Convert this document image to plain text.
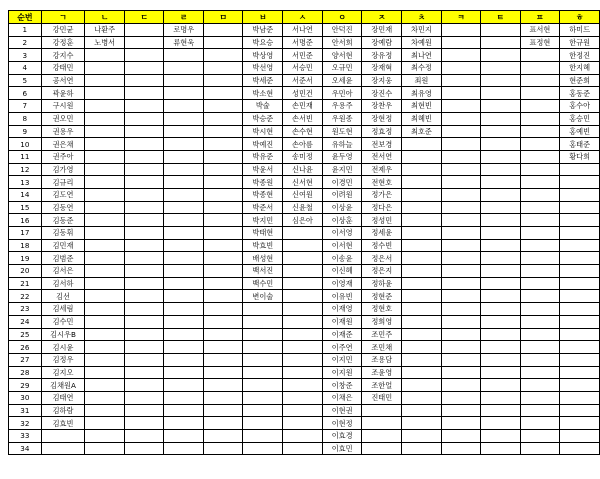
순번	ㄱ	ㄴ	ㄷ	ㄹ	ㅁ	ㅂ	ㅅ	ㅇ	ㅈ	ㅊ	ㅋ	ㅌ	ㅍ	ㅎ
1	강민균	나환주		로명우		박남준	서나연	안덕진	장민재	차민지			표서현	하미드
2	강정훈	노병서		류현욱		박요승	서명준	안서희	장예람	차예원			표정현	한규원
3	강지수					박상영	서민준	양서현	장유정	최나연				한정진
4	강태민					박선영	서승민	오규민	장재혁	최수정				한지혜
5	공서연					박세준	서준서	오세윤	장지웅	죄원				현준희
6	곽윤하					박소현	성민건	우민아	장진수	최유영				홍동준
7	구시원					박술	손민재	우용주	장찬우	최현빈				홍수아
8	권오민					박승준	손서빈	우원종	장현정	최혜빈				홍승민
9	권용우					박시현	손수현	원도현	정효정	최호준				홍예빈
10	권은채					박예진	손아름	유하늘	전보경					홍태준
11	권주아					박유준	송미정	윤두영	전서연					황다희
12	김가영					박윤서	신나윤	윤지민	전제우					
13	김규리					박종원	신서현	이경민	전현호					
14	김도연					박종현	신여원	이려원	정가은					
15	김동연					박준서	신윤철	이상윤	정다은					
16	김동준					박지민	심은아	이상훈	정성민					
17	김동휘					박태현		이서영	정세윤					
18	김민재					박효빈		이서현	정수빈					
19	김범준					배성현		이송윤	정은서					
20	김서은					백서진		이신혜	정은지					
21	김서하					백수민		이영재	정하윤					
22	김선					변이술		이유빈	정현준					
23	김세림							이재영	정현호					
24	김수민							이재원	정희영					
25	김시우B							이재준	조민주					
26	김시윤							이주연	조민채					
27	김정우							이지민	조용담					
28	김지오							이지원	조윤영					
29	김채원A							이창준	조한얼					
30	김태연							이채은	진태민					
31	김하람							이현권						
32	김효빈							이현정						
33								이효경						
34								이효민						
